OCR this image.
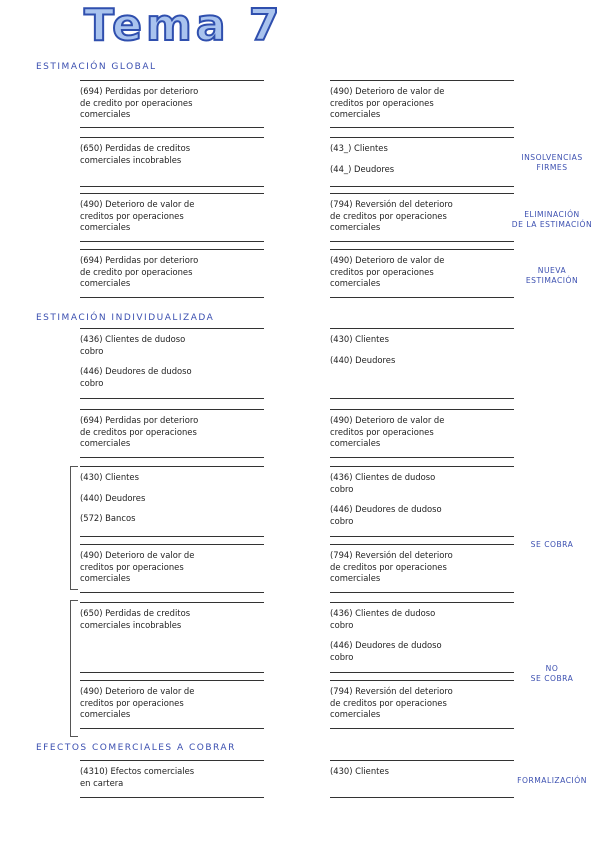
Tema 7
ESTIMACIÓN GLOBAL
ESTIMACIÓN INDIVIDUALIZADA
EFECTOS COMERCIALES A COBRAR
(694) Perdidas por deterioro
de credito por operaciones
comerciales
(490) Deterioro de valor de
creditos por operaciones
comerciales
(650) Perdidas de creditos
comerciales incobrables
(43_) Clientes
(44_) Deudores
INSOLVENCIAS
FIRMES
(490) Deterioro de valor de
creditos por operaciones
comerciales
(794) Reversión del deterioro
de creditos por operaciones
comerciales
ELIMINACIÓN
DE LA ESTIMACIÓN
(694) Perdidas por deterioro
de credito por operaciones
comerciales
(490) Deterioro de valor de
creditos por operaciones
comerciales
NUEVA
ESTIMACIÓN
(436) Clientes de dudoso
cobro
(446) Deudores de dudoso
cobro
(430) Clientes
(440) Deudores
(694) Perdidas por deterioro
de creditos por operaciones
comerciales
(490) Deterioro de valor de
creditos por operaciones
comerciales
(430) Clientes
(440) Deudores
(572) Bancos
(436) Clientes de dudoso
cobro
(446) Deudores de dudoso
cobro
(490) Deterioro de valor de
creditos por operaciones
comerciales
(794) Reversión del deterioro
de creditos por operaciones
comerciales
SE COBRA
(650) Perdidas de creditos
comerciales incobrables
(436) Clientes de dudoso
cobro
(446) Deudores de dudoso
cobro
NO
SE COBRA
(490) Deterioro de valor de
creditos por operaciones
comerciales
(794) Reversión del deterioro
de creditos por operaciones
comerciales
(4310) Efectos comerciales
en cartera
(430) Clientes
FORMALIZACIÓN
